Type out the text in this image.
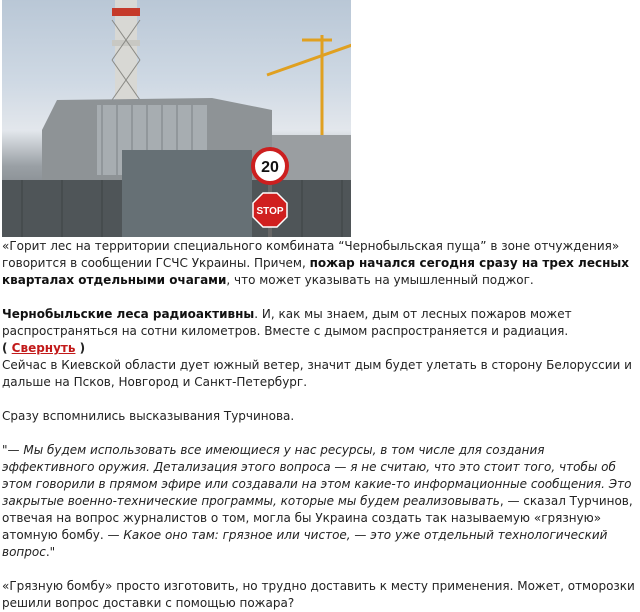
20
STOP

«Горит лес на территории специального комбината “Чернобыльская пуща” в зоне отчуждения» говорится в сообщении ГСЧС Украины. Причем, пожар начался сегодня сразу на трех лесных кварталах отдельными очагами, что может указывать на умышленный поджог.

Чернобыльские леса радиоактивны. И, как мы знаем, дым от лесных пожаров может распространяться на сотни километров. Вместе с дымом распространяется и радиация.

( Свернуть )

Сейчас в Киевской области дует южный ветер, значит дым будет улетать в сторону Белоруссии и дальше на Псков, Новгород и Санкт-Петербург.

Сразу вспомнились высказывания Турчинова.

"— Мы будем использовать все имеющиеся у нас ресурсы, в том числе для создания эффективного оружия. Детализация этого вопроса — я не считаю, что это стоит того, чтобы об этом говорили в прямом эфире или создавали на этом какие-то информационные сообщения. Это закрытые военно-технические программы, которые мы будем реализовывать, — сказал Турчинов, отвечая на вопрос журналистов о том, могла бы Украина создать так называемую «грязную» атомную бомбу. — Какое оно там: грязное или чистое, — это уже отдельный технологический вопрос."

«Грязную бомбу» просто изготовить, но трудно доставить к месту применения. Может, отморозки решили вопрос доставки с помощью пожара?
